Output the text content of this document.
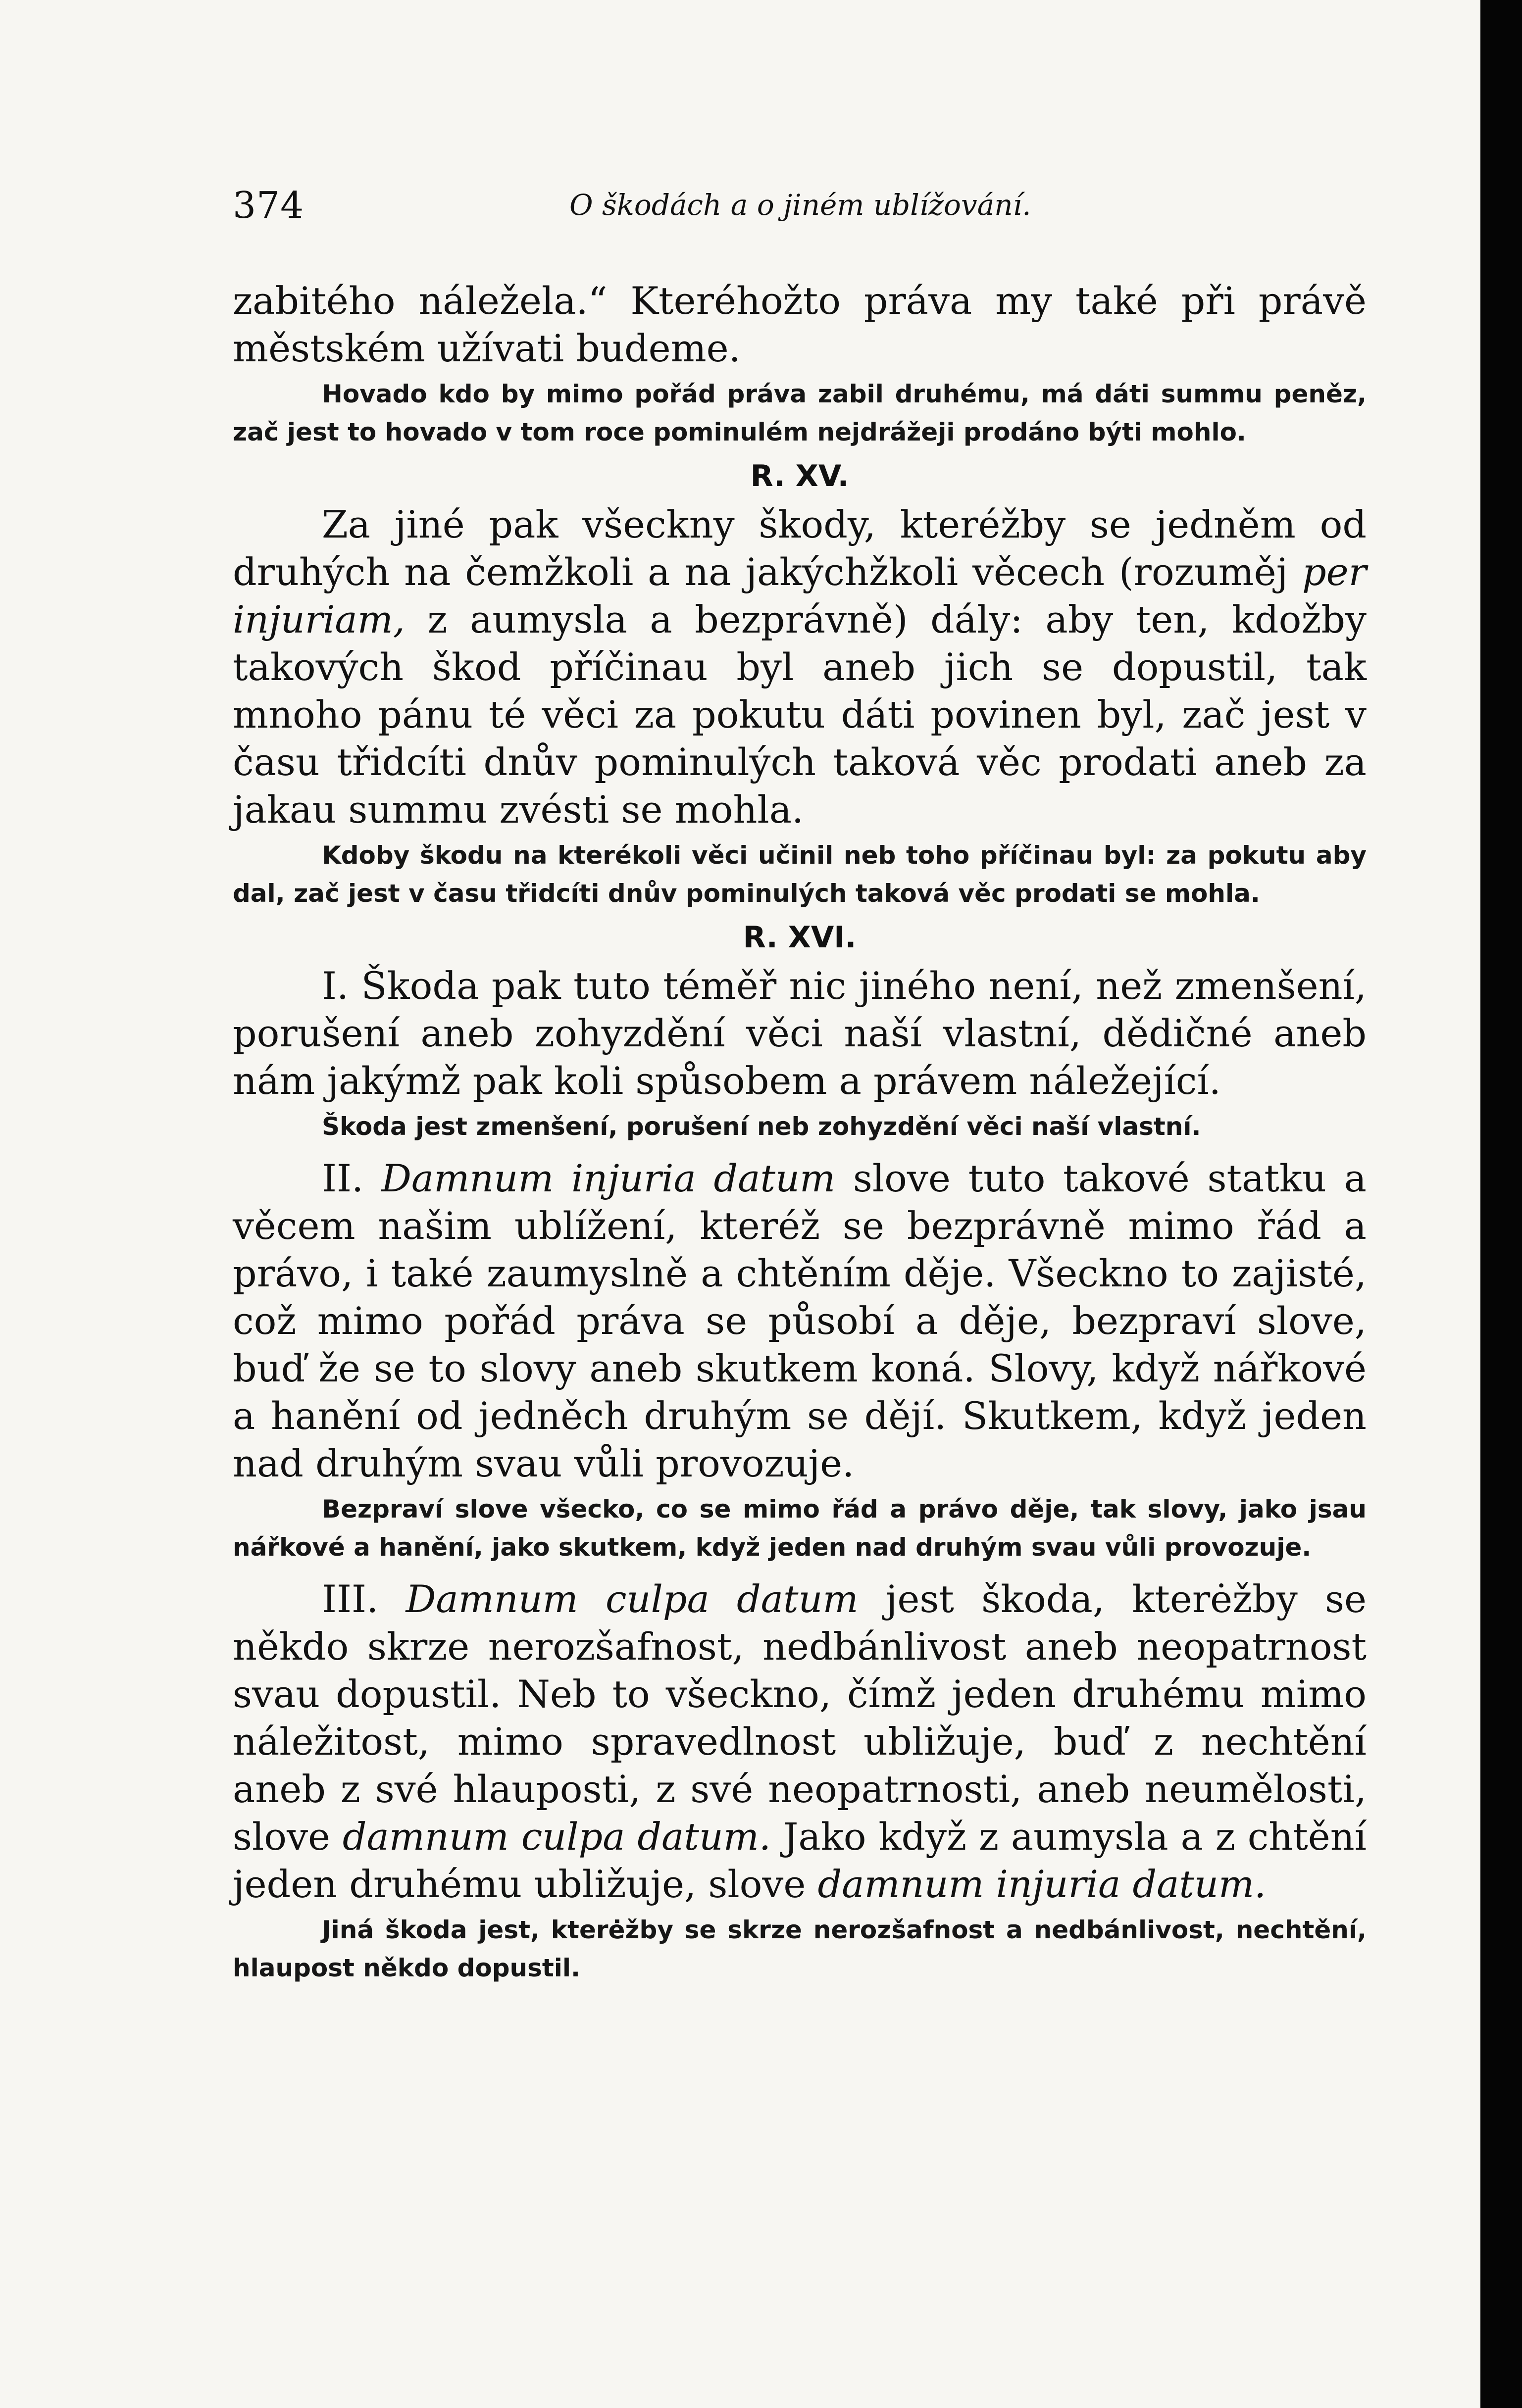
374	O škodách a o jiném ublížování.

zabitého náležela.“ Kteréhožto práva my také při právě městském užívati budeme.

Hovado kdo by mimo pořád práva zabil druhému, má dáti summu peněz, zač jest to hovado v tom roce pominulém nejdrážeji prodáno býti mohlo.

R. XV.

Za jiné pak všeckny škody, kteréžby se jedněm od druhých na čemžkoli a na jakýchžkoli věcech (rozuměj per injuriam, z aumysla a bezprávně) dály: aby ten, kdožby takových škod příčinau byl aneb jich se dopustil, tak mnoho pánu té věci za pokutu dáti povinen byl, zač jest v času třidcíti dnův pominulých taková věc prodati aneb za jakau summu zvésti se mohla.

Kdoby škodu na kterékoli věci učinil neb toho příčinau byl: za pokutu aby dal, zač jest v času třidcíti dnův pominulých taková věc prodati se mohla.

R. XVI.

I. Škoda pak tuto téměř nic jiného není, než zmenšení, porušení aneb zohyzdění věci naší vlastní, dědičné aneb nám jakýmž pak koli spůsobem a právem náležející.

Škoda jest zmenšení, porušení neb zohyzdění věci naší vlastní.

II. Damnum injuria datum slove tuto takové statku a věcem našim ublížení, kteréž se bezprávně mimo řád a právo, i také zaumyslně a chtěním děje. Všeckno to zajisté, což mimo pořád práva se působí a děje, bezpraví slove, buď že se to slovy aneb skutkem koná. Slovy, když nářkové a hanění od jedněch druhým se dějí. Skutkem, když jeden nad druhým svau vůli provozuje.

Bezpraví slove všecko, co se mimo řád a právo děje, tak slovy, jako jsau nářkové a hanění, jako skutkem, když jeden nad druhým svau vůli provozuje.

III. Damnum culpa datum jest škoda, kterėžby se někdo skrze nerozšafnost, nedbánlivost aneb neopatrnost svau dopustil. Neb to všeckno, čímž jeden druhému mimo náležitost, mimo spravedlnost ubližuje, buď z nechtění aneb z své hlauposti, z své neopatrnosti, aneb neumělosti, slove damnum culpa datum. Jako když z aumysla a z chtění jeden druhému ubližuje, slove damnum injuria datum.

Jiná škoda jest, kterėžby se skrze nerozšafnost a nedbánlivost, nechtění, hlaupost někdo dopustil.
